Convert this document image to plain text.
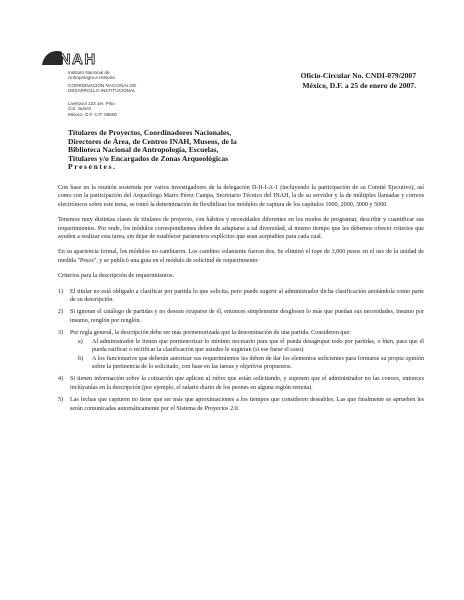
INAH
Instituto Nacional de
Antropología e Historia
COORDINACIÓN NACIONAL DE
DESARROLLO INSTITUCIONAL
Liverpool 123 1er. Piso
Col. Juárez
México, D.F. C.P. 06600
Oficio-Circular No. CNDI-079/2007
México, D.F. a 25 de enero de 2007.
Titulares de Proyectos, Coordinadores Nacionales,
Directores de Área, de Centros INAH, Museos, de la
Biblioteca Nacional de Antropología, Escuelas,
Titulares y/o Encargados de Zonas Arqueológicas
Presentes.

Con base en la reunión sostenida por varios investigadores de la delegación D-II-I-A-1 (incluyendo la participación de su Comité Ejecutivo), así como con la participación del Arqueólogo Mario Pérez Campa, Secretario Técnico del INAH, la de su servidor y la de múltiples llamadas y correos electrónicos sobre este tema, se tomó la determinación de flexibilizar los módulos de captura de los capítulos 1000, 2000, 3000 y 5000.

Tenemos muy distintas clases de titulares de proyecto, con hábitos y necesidades diferentes en los modos de programar, describir y cuantificar sus requerimientos. Por ende, los módulos correspondientes deben de adaptarse a tal diversidad, al mismo tiempo que les debemos ofrecer criterios que ayuden a realizar esta tarea, sin dejar de establecer parámetros explícitos que sean aceptables para cada cual.

En su apariencia formal, los módulos no cambiaron. Los cambios solamente fueron dos. Se eliminó el tope de 3,000 pesos en el uso de la unidad de medida "Pesos", y se publicó una guía en el módulo de solicitud de requerimiento:

Criterios para la descripción de requerimientos:

1) El titular no está obligado a clasificar por partida lo que solicita, pero puede sugerir al administrador dicha clasificación anotándola como parte de su descripción.
2) Si ignoran el catálogo de partidas y no desean ocuparse de él, entonces simplemente desglosen lo más que puedan sus necesidades, insumo por insumo, renglón por renglón.
3) Por regla general, la descripción debe ser más pormenorizada que la denominación de una partida. Consideren que:
a) Al administrador le tienen que pormenorizar lo mínimo necesario para que él pueda desagrupar todo por partidas, o bien, para que él pueda ratificar o rectificar la clasificación que ustedes le sugieran (si ese fuese el caso).
b) A los funcionarios que deberán autorizar sus requerimientos les deben de dar los elementos suficientes para formarse su propia opinión sobre la pertinencia de lo solicitado, con base en las tareas y objetivos propuestos.
4) Si tienen información sobre la cotización que aplican al rubro que están solicitando, y suponen que el administrador no las conoce, entonces inclúyanlas en la descripción (por ejemplo, el salario diario de los peones en alguna región remota).
5) Las fechas que capturen no tiene que ser más que aproximaciones a los tiempos que consideren deseables. Las que finalmente se aprueben les serán comunicadas automáticamente por el Sistema de Proyectos 2.0.
